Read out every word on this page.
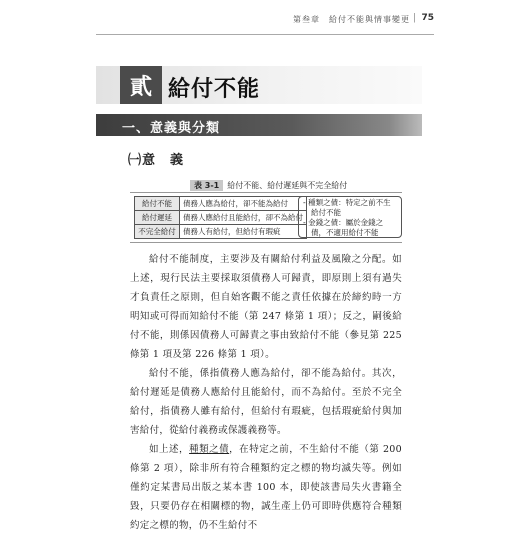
第叁章　給付不能與情事變更 | 75
貳 給付不能
一、意義與分類
㈠意　義
表 3-1 給付不能、給付遲延與不完全給付
給付不能	債務人應為給付，卻不能為給付
給付遲延	債務人應給付且能給付，卻不為給付
不完全給付	債務人有給付，但給付有瑕疵
- 種類之債：特定之前不生給付不能
- 金錢之債：屬於金錢之債，不適用給付不能

給付不能制度，主要涉及有關給付利益及風險之分配。如上述，現行民法主要採取須債務人可歸責，即原則上須有過失才負責任之原則，但自始客觀不能之責任依據在於締約時一方明知或可得而知給付不能（第 247 條第 1 項）；反之，嗣後給付不能，則係因債務人可歸責之事由致給付不能（參見第 225 條第 1 項及第 226 條第 1 項）。

給付不能，係指債務人應為給付，卻不能為給付。其次，給付遲延是債務人應給付且能給付，而不為給付。至於不完全給付，指債務人雖有給付，但給付有瑕疵，包括瑕疵給付與加害給付，從給付義務或保護義務等。

如上述，種類之債，在特定之前，不生給付不能（第 200 條第 2 項），除非所有符合種類約定之標的物均滅失等。例如僅約定某書局出版之某本書 100 本，即使該書局失火書籍全毀，只要仍存在相關標的物，誠生產上仍可即時供應符合種類約定之標的物，仍不生給付不
